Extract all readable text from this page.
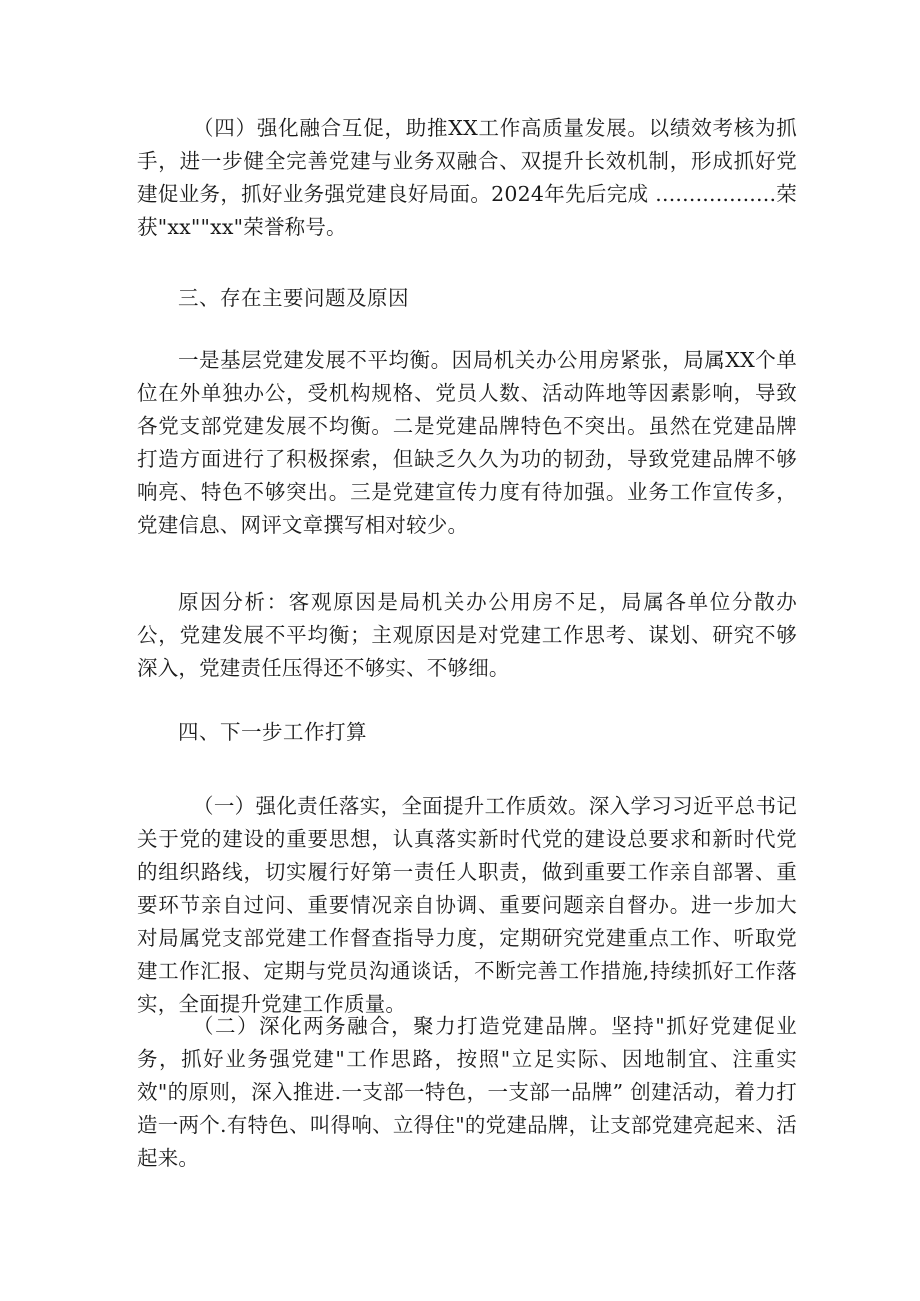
（四）强化融合互促，助推XX工作高质量发展。以绩效考核为抓手，进一步健全完善党建与业务双融合、双提升长效机制，形成抓好党建促业务，抓好业务强党建良好局面。2024年先后完成 ..................荣获"xx""xx"荣誉称号。

三、存在主要问题及原因

一是基层党建发展不平均衡。因局机关办公用房紧张，局属XX个单位在外单独办公，受机构规格、党员人数、活动阵地等因素影响，导致各党支部党建发展不均衡。二是党建品牌特色不突出。虽然在党建品牌打造方面进行了积极探索，但缺乏久久为功的韧劲，导致党建品牌不够响亮、特色不够突出。三是党建宣传力度有待加强。业务工作宣传多，党建信息、网评文章撰写相对较少。

原因分析：客观原因是局机关办公用房不足，局属各单位分散办公，党建发展不平均衡；主观原因是对党建工作思考、谋划、研究不够深入，党建责任压得还不够实、不够细。

四、下一步工作打算

（一）强化责任落实，全面提升工作质效。深入学习习近平总书记关于党的建设的重要思想，认真落实新时代党的建设总要求和新时代党的组织路线，切实履行好第一责任人职责，做到重要工作亲自部署、重要环节亲自过问、重要情况亲自协调、重要问题亲自督办。进一步加大对局属党支部党建工作督查指导力度，定期研究党建重点工作、听取党建工作汇报、定期与党员沟通谈话，不断完善工作措施,持续抓好工作落实，全面提升党建工作质量。

（二）深化两务融合，聚力打造党建品牌。坚持"抓好党建促业务，抓好业务强党建"工作思路，按照"立足实际、因地制宜、注重实效"的原则，深入推进.一支部一特色，一支部一品牌” 创建活动，着力打造一两个.有特色、叫得响、立得住"的党建品牌，让支部党建亮起来、活起来。
